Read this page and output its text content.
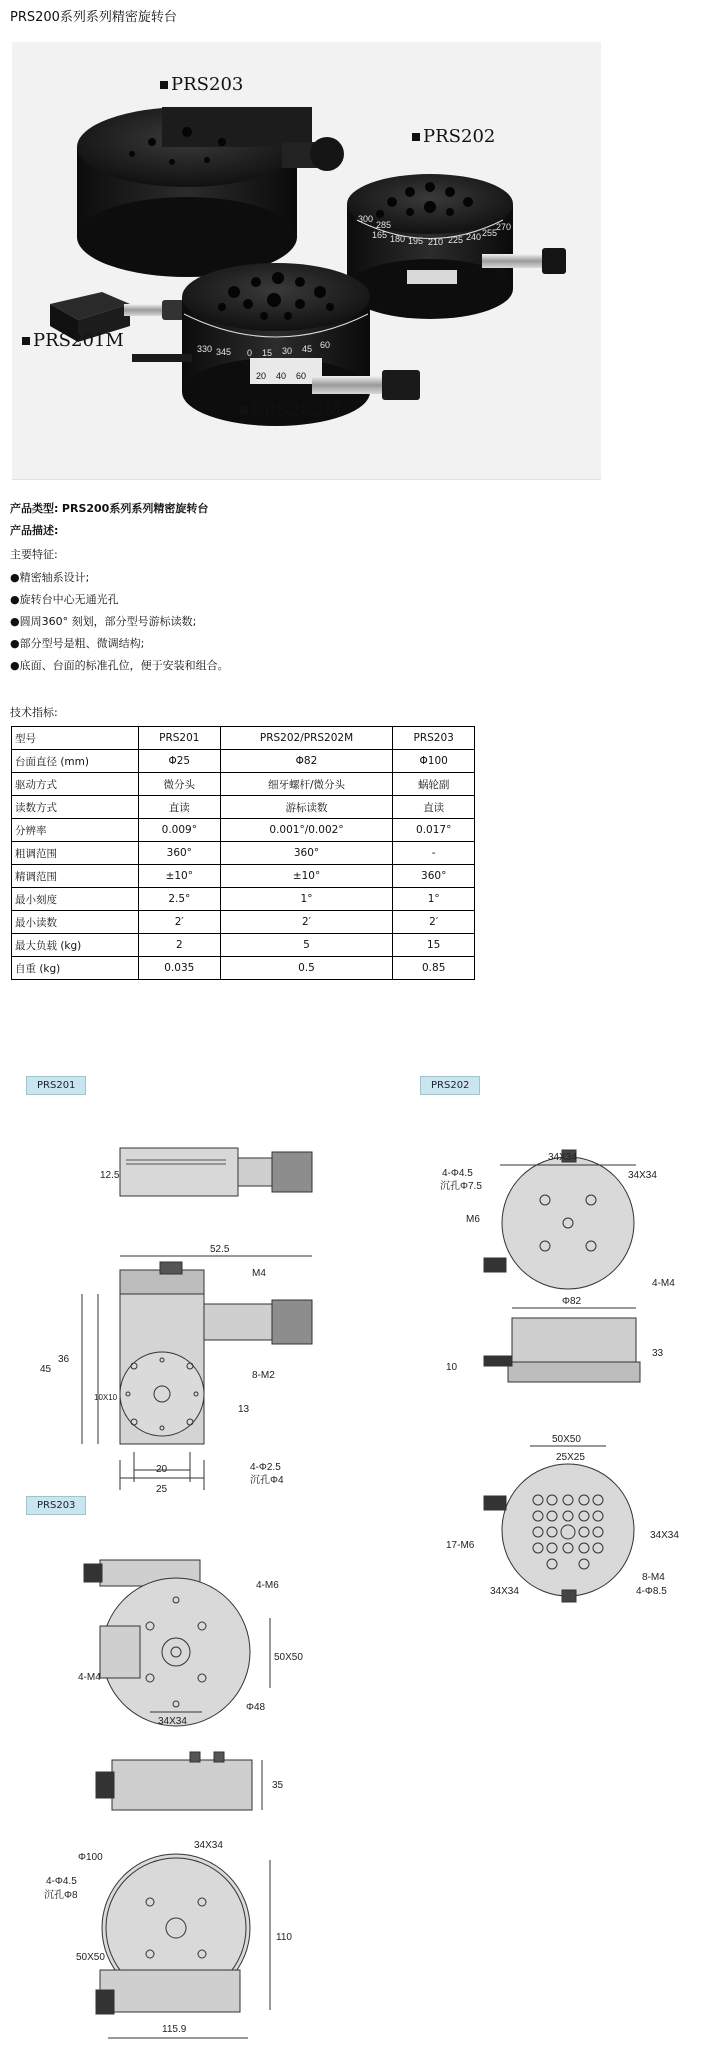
PRS200系列系列精密旋转台
330 345 0 15 30 45 60
165 180 195 210 225 240 255
270
285
300
20 40 60
PRS203
PRS202
PRS201M
PRS202M
产品类型: PRS200系列系列精密旋转台
产品描述:
主要特征:
●精密轴系设计;
●旋转台中心无通光孔
●圆周360° 刻划，部分型号游标读数;
●部分型号是粗、微调结构;
●底面、台面的标准孔位，便于安装和组合。
技术指标:
型号	PRS201	PRS202/PRS202M	PRS203
台面直径 (mm)	Φ25	Φ82	Φ100
驱动方式	微分头	细牙螺杆/微分头	蜗轮副
读数方式	直读	游标读数	直读
分辨率	0.009°	0.001°/0.002°	0.017°
粗调范围	360°	360°	-
精调范围	±10°	±10°	360°
最小刻度	2.5°	1°	1°
最小读数	2′	2′	2′
最大负载 (kg)	2	5	15
自重 (kg)	0.035	0.5	0.85
PRS201	PRS202
PRS203
12.5
52.5
M4
45
36
10X10
8-M2
13
20
25
4-Φ2.5
沉孔Φ4
34X34
34X34
4-Φ4.5
沉孔Φ7.5
M6
4-M4
Φ82
10
33
50X50
25X25
17-M6
34X34
34X34
8-M4
4-Φ8.5
4-M6
50X50
4-M4
Φ48
34X34
35
34X34
Φ100
4-Φ4.5
沉孔Φ8
50X50
110
115.9
